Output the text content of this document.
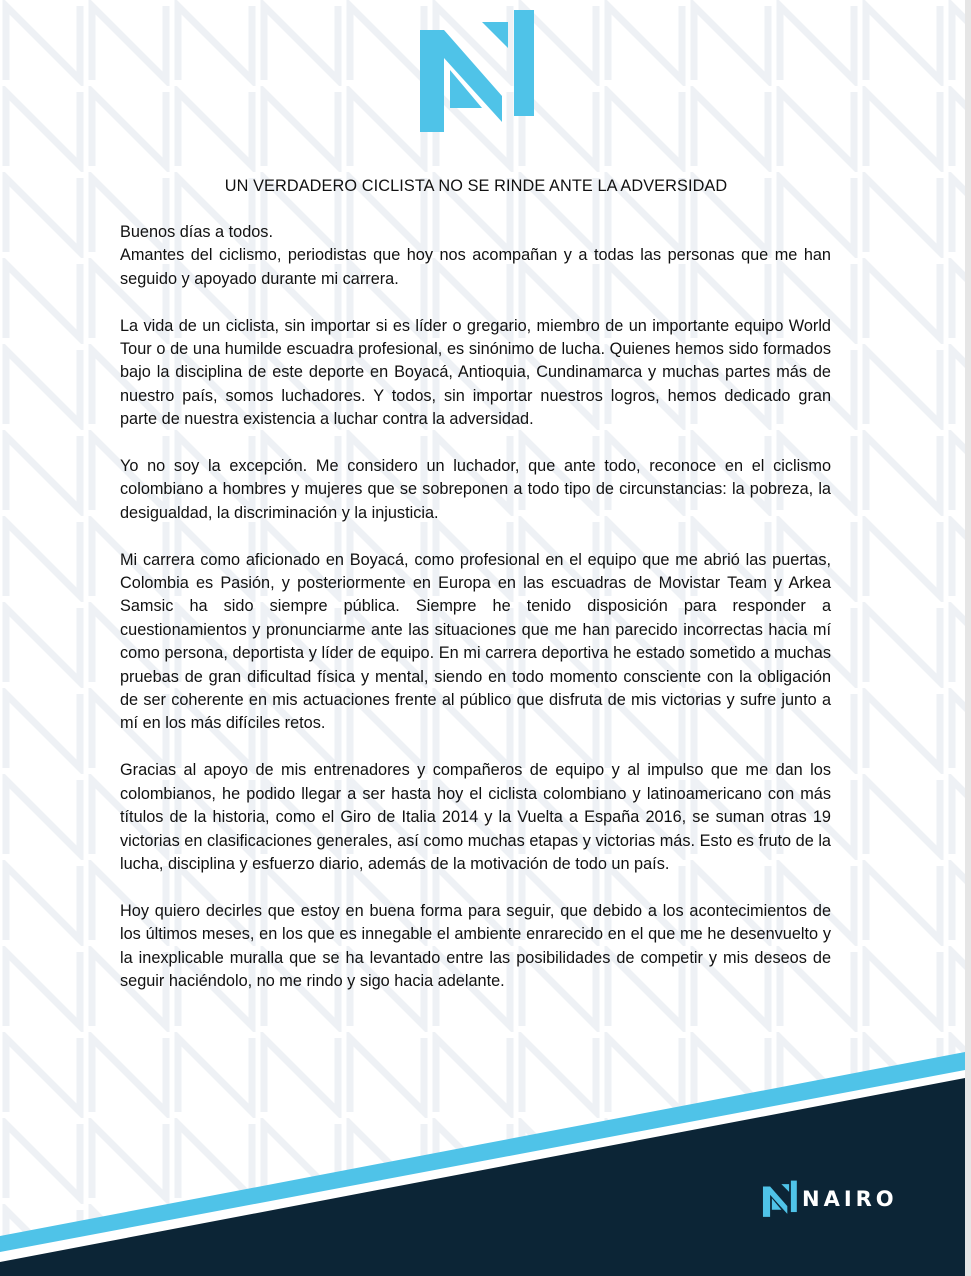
UN VERDADERO CICLISTA NO SE RINDE ANTE LA ADVERSIDAD

Buenos días a todos.

Amantes del ciclismo, periodistas que hoy nos acompañan y a todas las personas que me han seguido y apoyado durante mi carrera.

La vida de un ciclista, sin importar si es líder o gregario, miembro de un importante equipo World Tour o de una humilde escuadra profesional, es sinónimo de lucha. Quienes hemos sido formados bajo la disciplina de este deporte en Boyacá, Antioquia, Cundinamarca y muchas partes más de nuestro país, somos luchadores. Y todos, sin importar nuestros logros, hemos dedicado gran parte de nuestra existencia a luchar contra la adversidad.

Yo no soy la excepción. Me considero un luchador, que ante todo, reconoce en el ciclismo colombiano a hombres y mujeres que se sobreponen a todo tipo de circunstancias: la pobreza, la desigualdad, la discriminación y la injusticia.

Mi carrera como aficionado en Boyacá, como profesional en el equipo que me abrió las puertas, Colombia es Pasión, y posteriormente en Europa en las escuadras de Movistar Team y Arkea Samsic ha sido siempre pública. Siempre he tenido disposición para responder a cuestionamientos y pronunciarme ante las situaciones que me han parecido incorrectas hacia mí como persona, deportista y líder de equipo. En mi carrera deportiva he estado sometido a muchas pruebas de gran dificultad física y mental, siendo en todo momento consciente con la obligación de ser coherente en mis actuaciones frente al público que disfruta de mis victorias y sufre junto a mí en los más difíciles retos.

Gracias al apoyo de mis entrenadores y compañeros de equipo y al impulso que me dan los colombianos, he podido llegar a ser hasta hoy el ciclista colombiano y latinoamericano con más títulos de la historia, como el Giro de Italia 2014 y la Vuelta a España 2016, se suman otras 19 victorias en clasificaciones generales, así como muchas etapas y victorias más. Esto es fruto de la lucha, disciplina y esfuerzo diario, además de la motivación de todo un país.

Hoy quiero decirles que estoy en buena forma para seguir, que debido a los acontecimientos de los últimos meses, en los que es innegable el ambiente enrarecido en el que me he desenvuelto y la inexplicable muralla que se ha levantado entre las posibilidades de competir y mis deseos de seguir haciéndolo, no me rindo y sigo hacia adelante.

NAIRO
